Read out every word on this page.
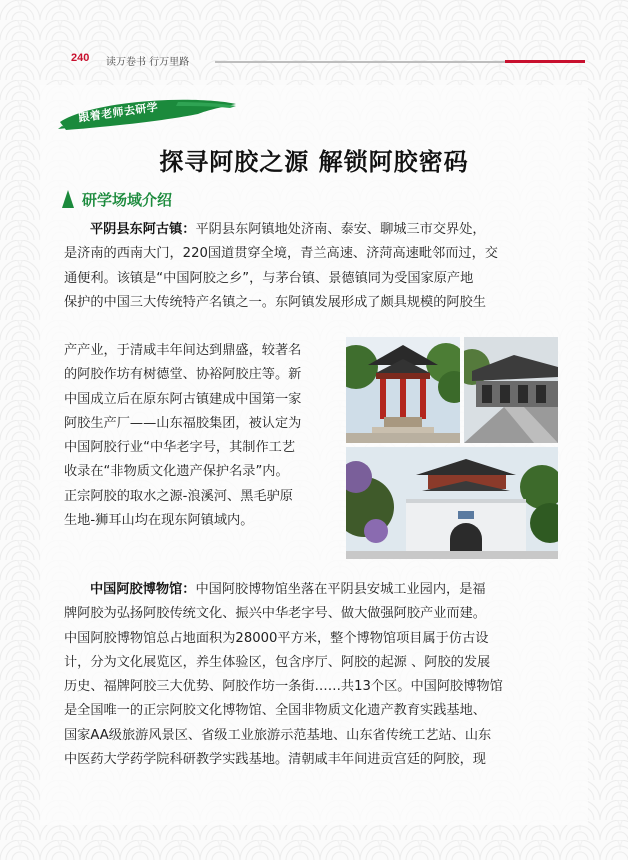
240 读万卷书 行万里路
跟着老师去研学
探寻阿胶之源 解锁阿胶密码
研学场域介绍
平阴县东阿古镇：平阴县东阿镇地处济南、泰安、聊城三市交界处，
是济南的西南大门，220国道贯穿全境，青兰高速、济菏高速毗邻而过，交
通便利。该镇是“中国阿胶之乡”，与茅台镇、景德镇同为受国家原产地
保护的中国三大传统特产名镇之一。东阿镇发展形成了颇具规模的阿胶生
产产业，于清咸丰年间达到鼎盛，较著名
的阿胶作坊有树德堂、协裕阿胶庄等。新
中国成立后在原东阿古镇建成中国第一家
阿胶生产厂——山东福胶集团，被认定为
中国阿胶行业“中华老字号，其制作工艺
收录在“非物质文化遗产保护名录”内。
正宗阿胶的取水之源-浪溪河、黑毛驴原
生地-狮耳山均在现东阿镇域内。
中国阿胶博物馆：中国阿胶博物馆坐落在平阴县安城工业园内，是福
牌阿胶为弘扬阿胶传统文化、振兴中华老字号、做大做强阿胶产业而建。
中国阿胶博物馆总占地面积为28000平方米，整个博物馆项目属于仿古设
计，分为文化展览区，养生体验区，包含序厅、阿胶的起源 、阿胶的发展
历史、福牌阿胶三大优势、阿胶作坊一条街……共13个区。中国阿胶博物馆
是全国唯一的正宗阿胶文化博物馆、全国非物质文化遗产教育实践基地、
国家AA级旅游风景区、省级工业旅游示范基地、山东省传统工艺站、山东
中医药大学药学院科研教学实践基地。清朝咸丰年间进贡宫廷的阿胶，现
